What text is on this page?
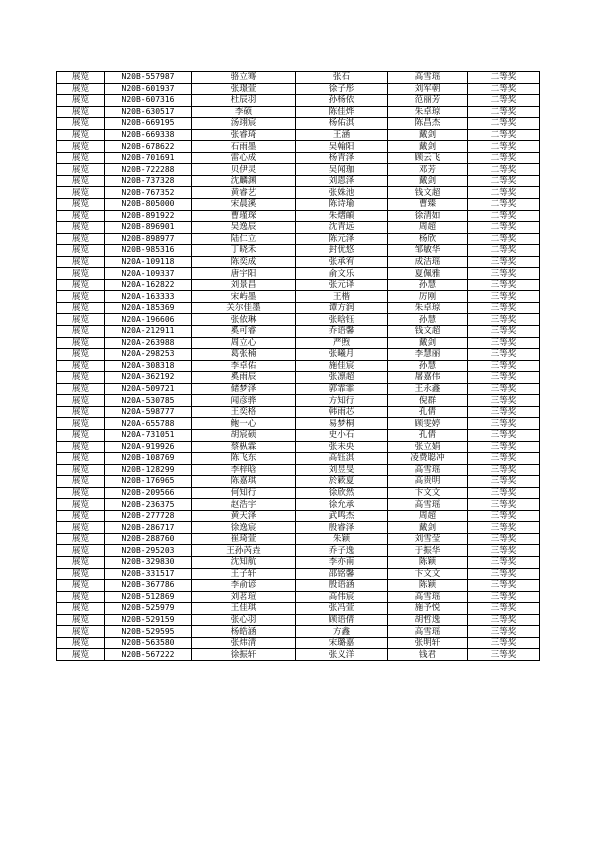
展览	N20B-557987	骆立骞	张石	高雪瑶	二等奖
展览	N20B-601937	张璟萱	徐子彤	刘军朝	二等奖
展览	N20B-607316	杜辰羽	孙杨依	范丽芳	二等奖
展览	N20B-630517	李硕	陈佳烨	朱卓琼	二等奖
展览	N20B-669195	汤翊宸	杨佑淇	陈昌杰	二等奖
展览	N20B-669338	张睿琦	王涵	戴剑	二等奖
展览	N20B-678622	石雨墨	吴翰阳	戴剑	二等奖
展览	N20B-701691	雷心成	杨青泽	顾云飞	二等奖
展览	N20B-722288	贝伊灵	吴闻珈	邓芳	二等奖
展览	N20B-737328	沈麟渊	刘恩泽	戴剑	二等奖
展览	N20B-767352	黄睿艺	张姝池	钱文超	二等奖
展览	N20B-805000	宋晨溪	陈诗瑜	曹臻	二等奖
展览	N20B-891922	曹瑾琛	朱熠頔	徐清如	二等奖
展览	N20B-896901	吴逸辰	沈青远	周超	二等奖
展览	N20B-898977	陆仁立	陈元泽	杨欣	二等奖
展览	N20B-985316	丁晓禾	封优悠	邹敏华	二等奖
展览	N20A-109118	陈奕成	张承宥	成洁瑶	三等奖
展览	N20A-109337	唐宇阳	俞文乐	夏佩雅	三等奖
展览	N20A-162822	刘景昌	张元译	孙慧	三等奖
展览	N20A-163333	宋屿墨	王楷	厉刚	三等奖
展览	N20A-185369	关尔佳墨	谭方润	朱卓琼	三等奖
展览	N20A-196606	张依琳	张晗钰	孙慧	三等奖
展览	N20A-212911	奚可睿	乔语馨	钱文超	三等奖
展览	N20A-263988	周立心	严煦	戴剑	三等奖
展览	N20A-298253	葛张楠	张曦月	李慧丽	三等奖
展览	N20A-308318	李卓佑	施佳宸	孙慧	三等奖
展览	N20A-362192	奚雨辰	张凛超	屠嘉伟	三等奖
展览	N20A-509721	储梦泽	郭霏霏	王永鑫	三等奖
展览	N20A-530785	闻彦骅	方知行	倪群	三等奖
展览	N20A-598777	王奕格	韩雨芯	孔倩	三等奖
展览	N20A-655788	鲍一心	易梦桐	顾雯婷	三等奖
展览	N20A-731051	胡宸硕	史小石	孔倩	三等奖
展览	N20A-919926	蔡枞霖	张未央	张立娟	三等奖
展览	N20B-108769	陈飞东	高钰淇	凌费聪冲	三等奖
展览	N20B-128299	李梓晗	刘昱旻	高雪瑶	三等奖
展览	N20B-176965	陈嘉琪	於簌夏	高贵明	三等奖
展览	N20B-209566	何知行	徐欣然	卞文文	三等奖
展览	N20B-236375	赵浩宇	徐允承	高雪瑶	三等奖
展览	N20B-277728	黄天泽	武鸣杰	周超	三等奖
展览	N20B-286717	徐逸宸	殷睿泽	戴剑	三等奖
展览	N20B-288760	崔琦萱	朱颖	刘雪莹	三等奖
展览	N20B-295203	王孙芮垚	乔子逸	于振华	三等奖
展览	N20B-329830	沈知航	李亦南	陈颖	三等奖
展览	N20B-331517	王子轩	邵铭馨	卞文文	三等奖
展览	N20B-367786	李俞谚	殷语涵	陈颖	三等奖
展览	N20B-512869	刘茗瑄	高伟宸	高雪瑶	三等奖
展览	N20B-525979	王佳琪	张冯萱	施予悦	三等奖
展览	N20B-529159	张心羽	顾语倩	胡哲逸	三等奖
展览	N20B-529595	杨皓涵	方鑫	高雪瑶	三等奖
展览	N20B-563580	张炜清	宋璐嘉	张明轩	三等奖
展览	N20B-567222	徐振轩	张义洋	钱君	三等奖
